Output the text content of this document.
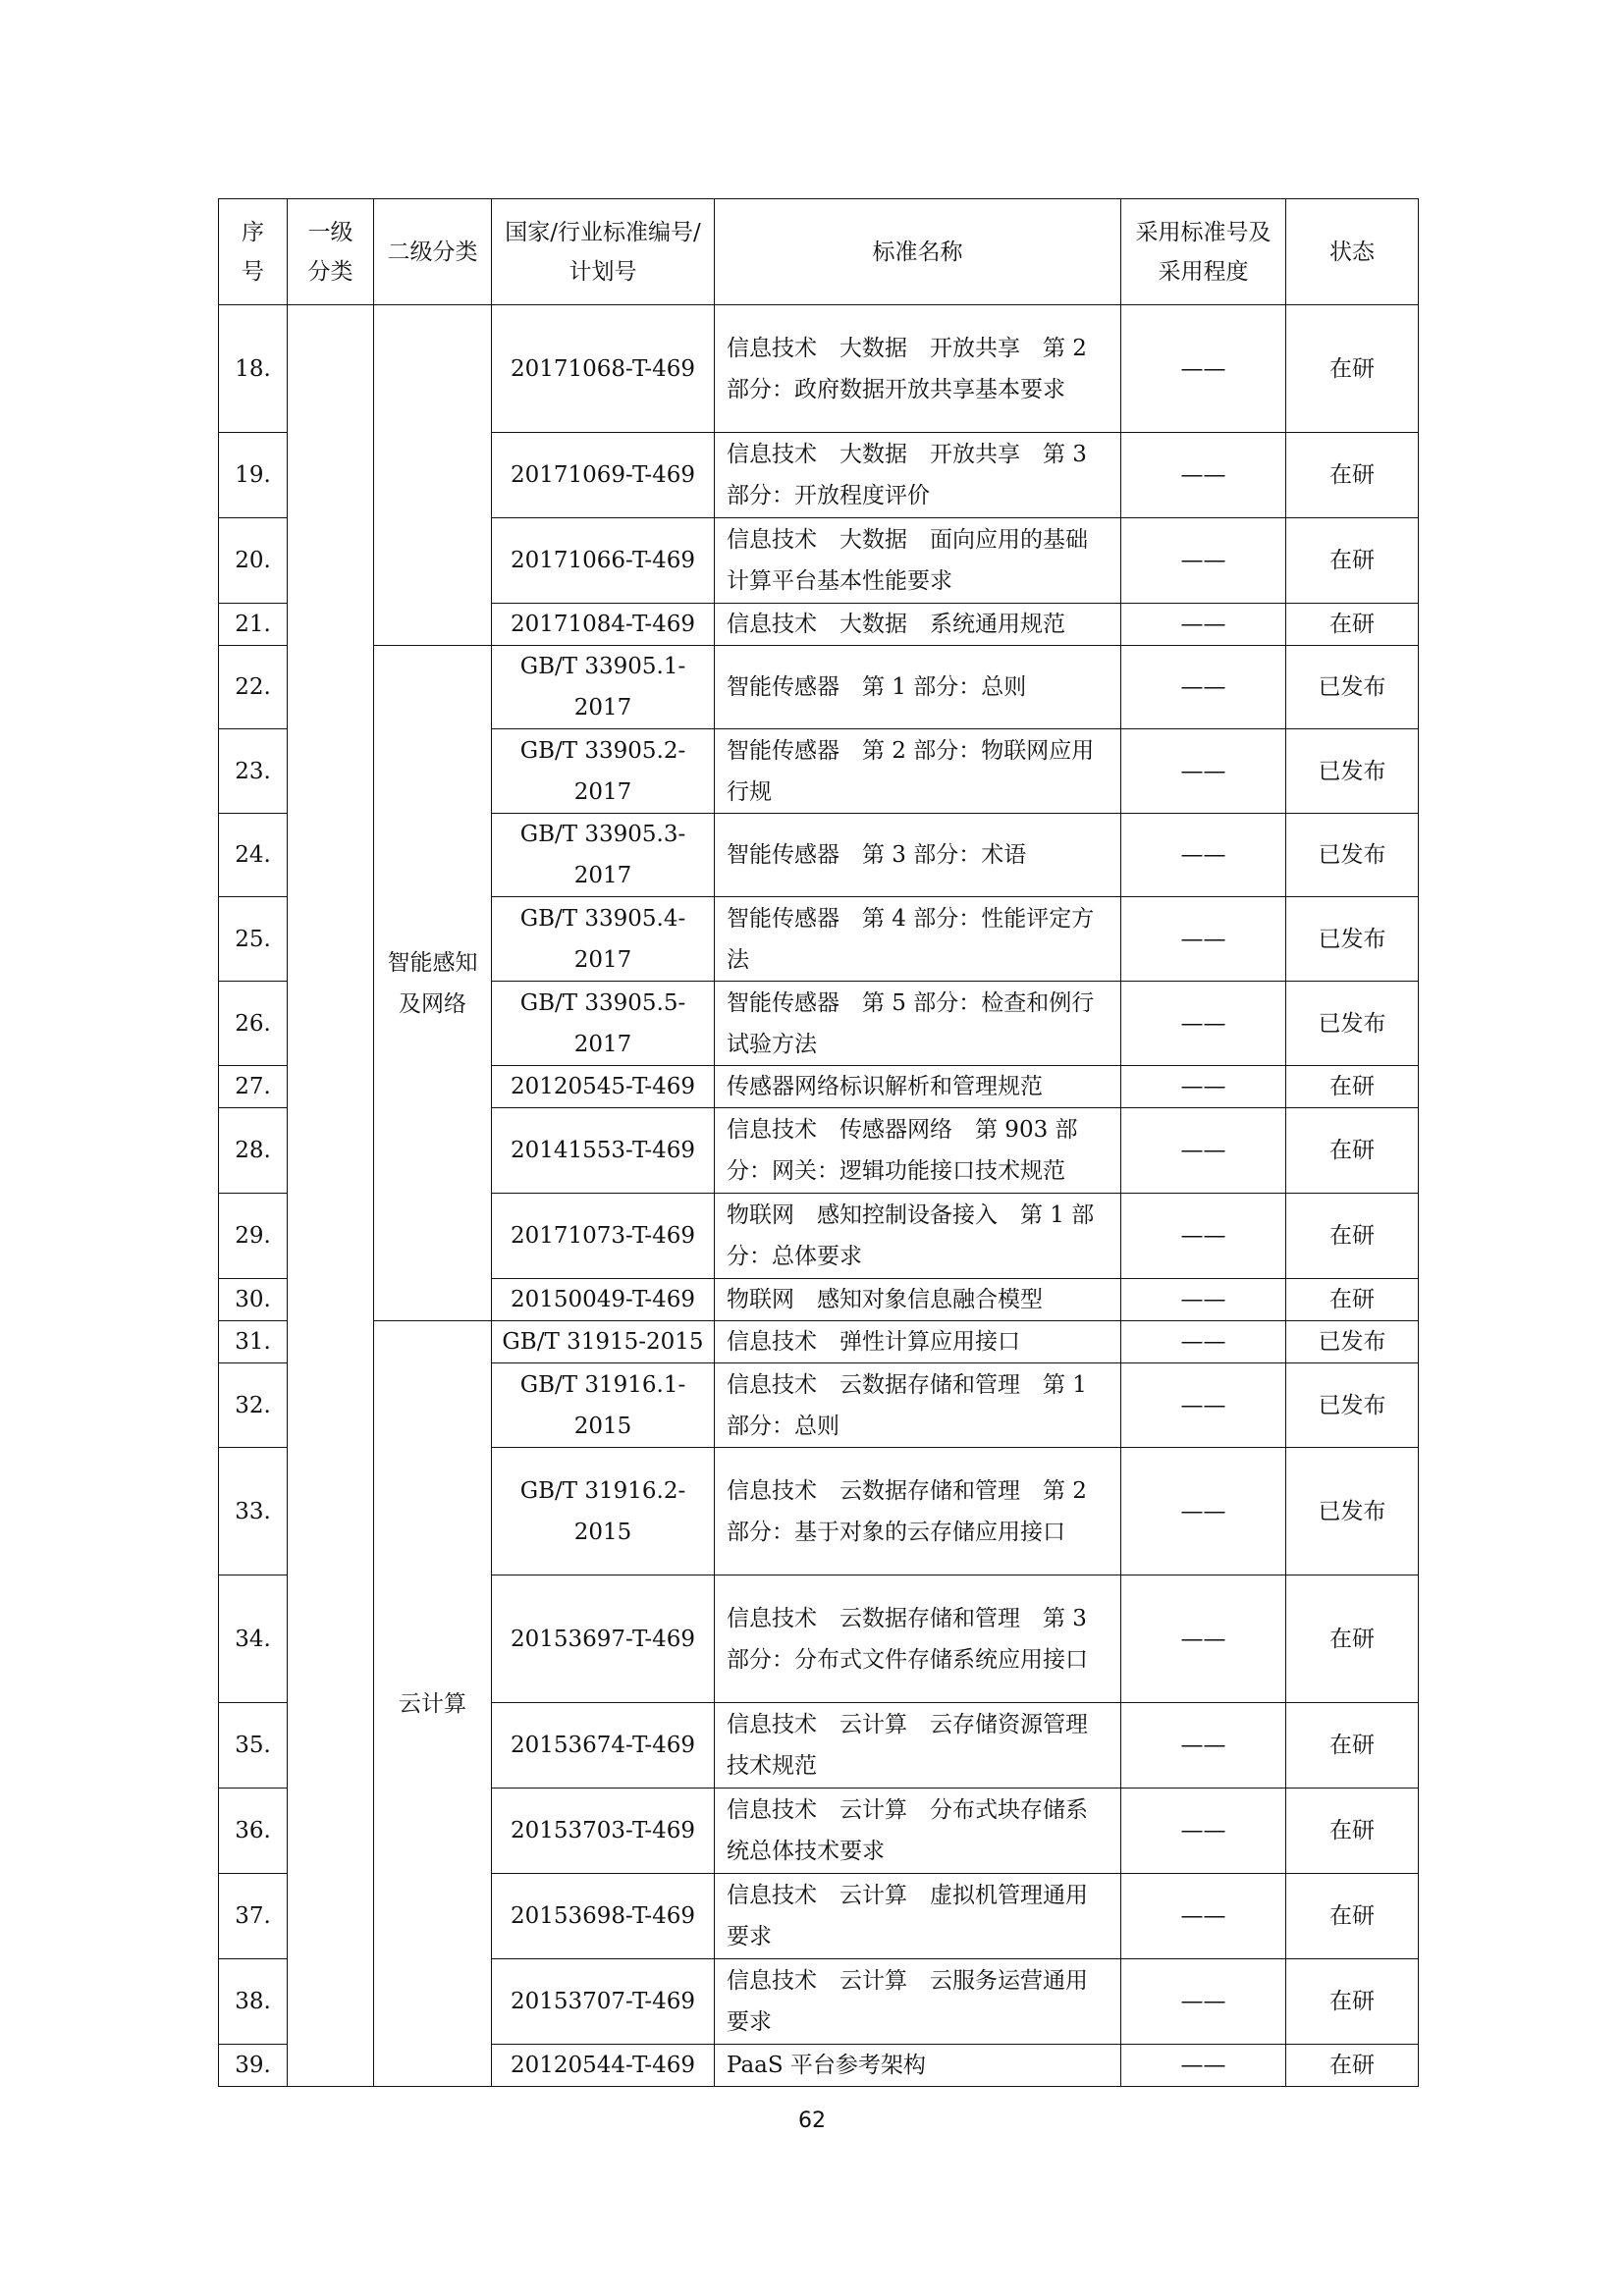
序号	一级分类	二级分类	国家/行业标准编号/计划号	标准名称	采用标准号及采用程度	状态
18.			20171068-T-469	信息技术　大数据　开放共享　第 2 部分：政府数据开放共享基本要求	——	在研
19.			20171069-T-469	信息技术　大数据　开放共享　第 3 部分：开放程度评价	——	在研
20.			20171066-T-469	信息技术　大数据　面向应用的基础计算平台基本性能要求	——	在研
21.			20171084-T-469	信息技术　大数据　系统通用规范	——	在研
22.		智能感知及网络	GB/T 33905.1-2017	智能传感器　第 1 部分：总则	——	已发布
23.			GB/T 33905.2-2017	智能传感器　第 2 部分：物联网应用行规	——	已发布
24.			GB/T 33905.3-2017	智能传感器　第 3 部分：术语	——	已发布
25.			GB/T 33905.4-2017	智能传感器　第 4 部分：性能评定方法	——	已发布
26.			GB/T 33905.5-2017	智能传感器　第 5 部分：检查和例行试验方法	——	已发布
27.			20120545-T-469	传感器网络标识解析和管理规范	——	在研
28.			20141553-T-469	信息技术　传感器网络　第 903 部分：网关：逻辑功能接口技术规范	——	在研
29.			20171073-T-469	物联网　感知控制设备接入　第 1 部分：总体要求	——	在研
30.			20150049-T-469	物联网　感知对象信息融合模型	——	在研
31.		云计算	GB/T 31915-2015	信息技术　弹性计算应用接口	——	已发布
32.			GB/T 31916.1-2015	信息技术　云数据存储和管理　第 1 部分：总则	——	已发布
33.			GB/T 31916.2-2015	信息技术　云数据存储和管理　第 2 部分：基于对象的云存储应用接口	——	已发布
34.			20153697-T-469	信息技术　云数据存储和管理　第 3 部分：分布式文件存储系统应用接口	——	在研
35.			20153674-T-469	信息技术　云计算　云存储资源管理技术规范	——	在研
36.			20153703-T-469	信息技术　云计算　分布式块存储系统总体技术要求	——	在研
37.			20153698-T-469	信息技术　云计算　虚拟机管理通用要求	——	在研
38.			20153707-T-469	信息技术　云计算　云服务运营通用要求	——	在研
39.			20120544-T-469	PaaS 平台参考架构	——	在研
62
